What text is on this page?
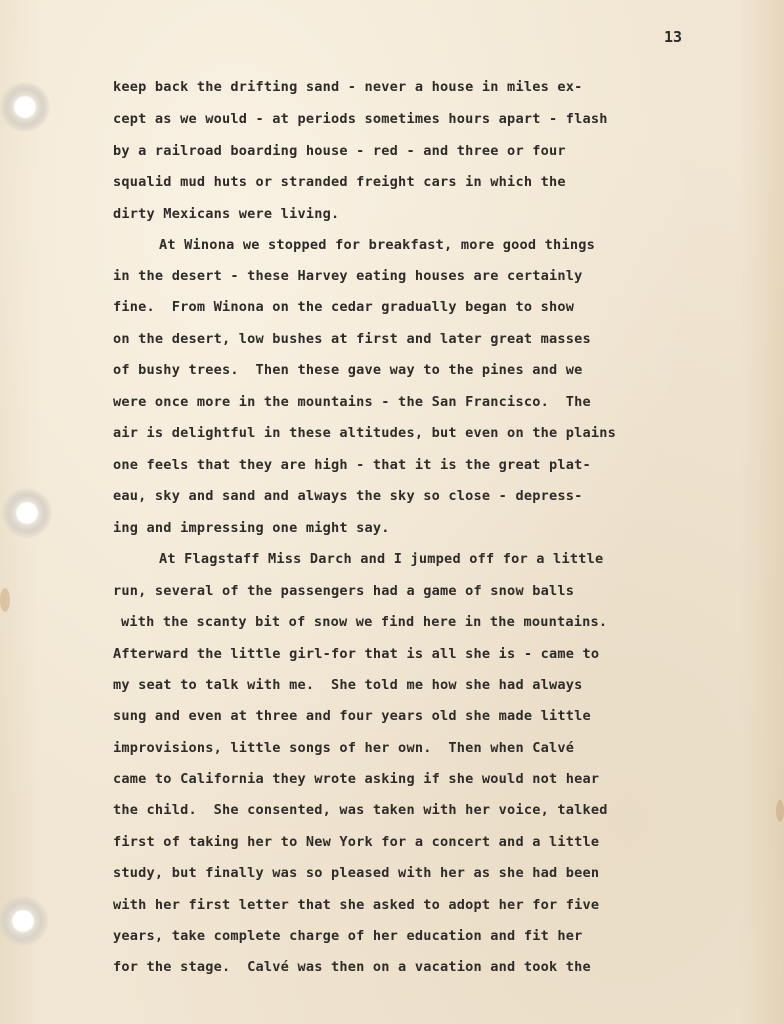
13
keep back the drifting sand - never a house in miles ex-
cept as we would - at periods sometimes hours apart - flash
by a railroad boarding house - red - and three or four
squalid mud huts or stranded freight cars in which the
dirty Mexicans were living.
At Winona we stopped for breakfast, more good things
in the desert - these Harvey eating houses are certainly
fine.  From Winona on the cedar gradually began to show
on the desert, low bushes at first and later great masses
of bushy trees.  Then these gave way to the pines and we
were once more in the mountains - the San Francisco.  The
air is delightful in these altitudes, but even on the plains
one feels that they are high - that it is the great plat-
eau, sky and sand and always the sky so close - depress-
ing and impressing one might say.
At Flagstaff Miss Darch and I jumped off for a little
run, several of the passengers had a game of snow balls
with the scanty bit of snow we find here in the mountains.
Afterward the little girl-for that is all she is - came to
my seat to talk with me.  She told me how she had always
sung and even at three and four years old she made little
improvisions, little songs of her own.  Then when Calvé
came to California they wrote asking if she would not hear
the child.  She consented, was taken with her voice, talked
first of taking her to New York for a concert and a little
study, but finally was so pleased with her as she had been
with her first letter that she asked to adopt her for five
years, take complete charge of her education and fit her
for the stage.  Calvé was then on a vacation and took the
